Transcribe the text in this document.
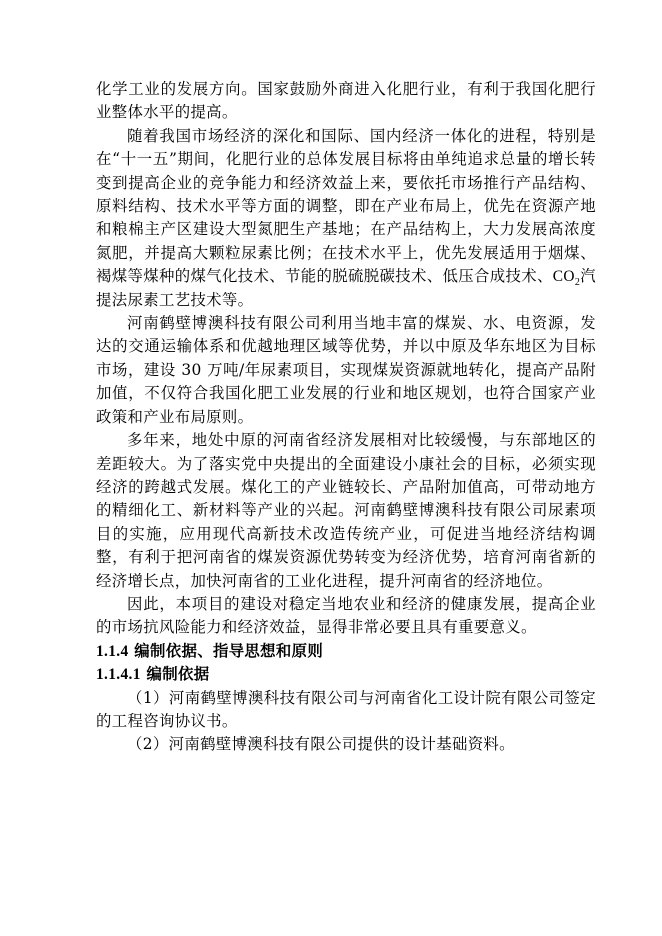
化学工业的发展方向。国家鼓励外商进入化肥行业，有利于我国化肥行业整体水平的提高。

随着我国市场经济的深化和国际、国内经济一体化的进程，特别是在“十一五”期间，化肥行业的总体发展目标将由单纯追求总量的增长转变到提高企业的竞争能力和经济效益上来，要依托市场推行产品结构、原料结构、技术水平等方面的调整，即在产业布局上，优先在资源产地和粮棉主产区建设大型氮肥生产基地；在产品结构上，大力发展高浓度氮肥，并提高大颗粒尿素比例；在技术水平上，优先发展适用于烟煤、褐煤等煤种的煤气化技术、节能的脱硫脱碳技术、低压合成技术、$CO_2$汽提法尿素工艺技术等。

河南鹤壁博澳科技有限公司利用当地丰富的煤炭、水、电资源，发达的交通运输体系和优越地理区域等优势，并以中原及华东地区为目标市场，建设 30 万吨/年尿素项目，实现煤炭资源就地转化，提高产品附加值，不仅符合我国化肥工业发展的行业和地区规划，也符合国家产业政策和产业布局原则。

多年来，地处中原的河南省经济发展相对比较缓慢，与东部地区的差距较大。为了落实党中央提出的全面建设小康社会的目标，必须实现经济的跨越式发展。煤化工的产业链较长、产品附加值高，可带动地方的精细化工、新材料等产业的兴起。河南鹤壁博澳科技有限公司尿素项目的实施，应用现代高新技术改造传统产业，可促进当地经济结构调整，有利于把河南省的煤炭资源优势转变为经济优势，培育河南省新的经济增长点，加快河南省的工业化进程，提升河南省的经济地位。

因此，本项目的建设对稳定当地农业和经济的健康发展，提高企业的市场抗风险能力和经济效益，显得非常必要且具有重要意义。

1.1.4 编制依据、指导思想和原则
1.1.4.1 编制依据

（1）河南鹤壁博澳科技有限公司与河南省化工设计院有限公司签定的工程咨询协议书。

（2）河南鹤壁博澳科技有限公司提供的设计基础资料。
